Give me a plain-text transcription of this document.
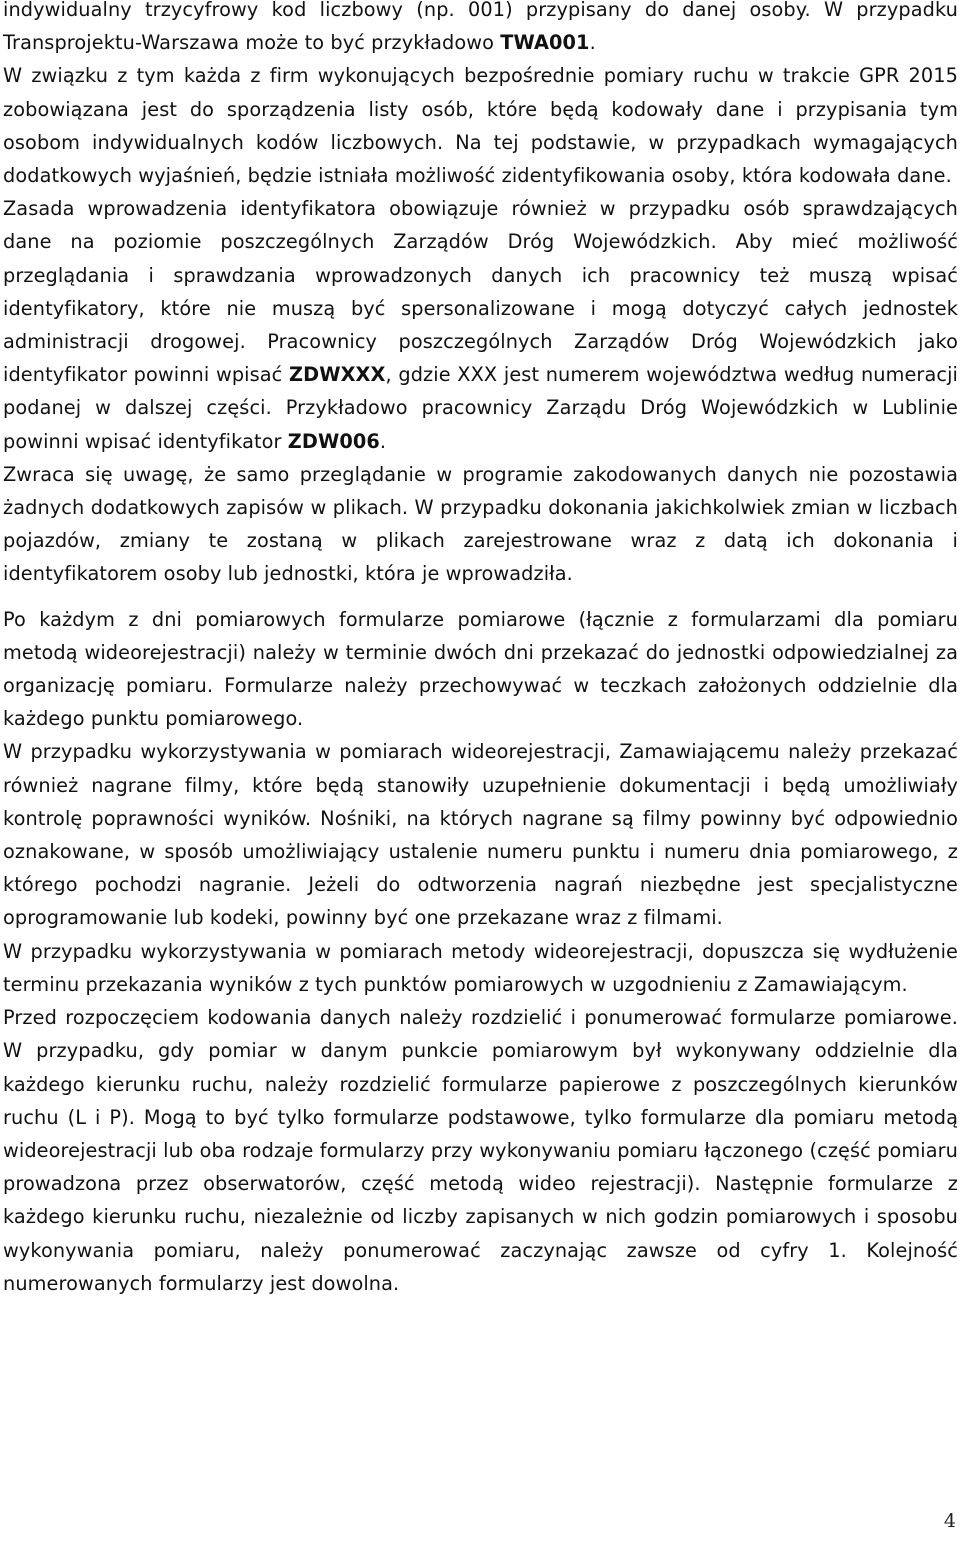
indywidualny trzycyfrowy kod liczbowy (np. 001) przypisany do danej osoby. W przypadku Transprojektu-Warszawa może to być przykładowo TWA001.

W związku z tym każda z firm wykonujących bezpośrednie pomiary ruchu w trakcie GPR 2015 zobowiązana jest do sporządzenia listy osób, które będą kodowały dane i przypisania tym osobom indywidualnych kodów liczbowych. Na tej podstawie, w przypadkach wymagających dodatkowych wyjaśnień, będzie istniała możliwość zidentyfikowania osoby, która kodowała dane.

Zasada wprowadzenia identyfikatora obowiązuje również w przypadku osób sprawdzających dane na poziomie poszczególnych Zarządów Dróg Wojewódzkich. Aby mieć możliwość przeglądania i sprawdzania wprowadzonych danych ich pracownicy też muszą wpisać identyfikatory, które nie muszą być spersonalizowane i mogą dotyczyć całych jednostek administracji drogowej. Pracownicy poszczególnych Zarządów Dróg Wojewódzkich jako identyfikator powinni wpisać ZDWXXX, gdzie XXX jest numerem województwa według numeracji podanej w dalszej części. Przykładowo pracownicy Zarządu Dróg Wojewódzkich w Lublinie powinni wpisać identyfikator ZDW006.

Zwraca się uwagę, że samo przeglądanie w programie zakodowanych danych nie pozostawia żadnych dodatkowych zapisów w plikach. W przypadku dokonania jakichkolwiek zmian w liczbach pojazdów, zmiany te zostaną w plikach zarejestrowane wraz z datą ich dokonania i identyfikatorem osoby lub jednostki, która je wprowadziła.

Po każdym z dni pomiarowych formularze pomiarowe (łącznie z formularzami dla pomiaru metodą wideorejestracji) należy w terminie dwóch dni przekazać do jednostki odpowiedzialnej za organizację pomiaru. Formularze należy przechowywać w teczkach założonych oddzielnie dla każdego punktu pomiarowego.

W przypadku wykorzystywania w pomiarach wideorejestracji, Zamawiającemu należy przekazać również nagrane filmy, które będą stanowiły uzupełnienie dokumentacji i będą umożliwiały kontrolę poprawności wyników. Nośniki, na których nagrane są filmy powinny być odpowiednio oznakowane, w sposób umożliwiający ustalenie numeru punktu i numeru dnia pomiarowego, z którego pochodzi nagranie. Jeżeli do odtworzenia nagrań niezbędne jest specjalistyczne oprogramowanie lub kodeki, powinny być one przekazane wraz z filmami.

W przypadku wykorzystywania w pomiarach metody wideorejestracji, dopuszcza się wydłużenie terminu przekazania wyników z tych punktów pomiarowych w uzgodnieniu z Zamawiającym.

Przed rozpoczęciem kodowania danych należy rozdzielić i ponumerować formularze pomiarowe. W przypadku, gdy pomiar w danym punkcie pomiarowym był wykonywany oddzielnie dla każdego kierunku ruchu, należy rozdzielić formularze papierowe z poszczególnych kierunków ruchu (L i P). Mogą to być tylko formularze podstawowe, tylko formularze dla pomiaru metodą wideorejestracji lub oba rodzaje formularzy przy wykonywaniu pomiaru łączonego (część pomiaru prowadzona przez obserwatorów, część metodą wideo rejestracji). Następnie formularze z każdego kierunku ruchu, niezależnie od liczby zapisanych w nich godzin pomiarowych i sposobu wykonywania pomiaru, należy ponumerować zaczynając zawsze od cyfry 1. Kolejność numerowanych formularzy jest dowolna.

4
